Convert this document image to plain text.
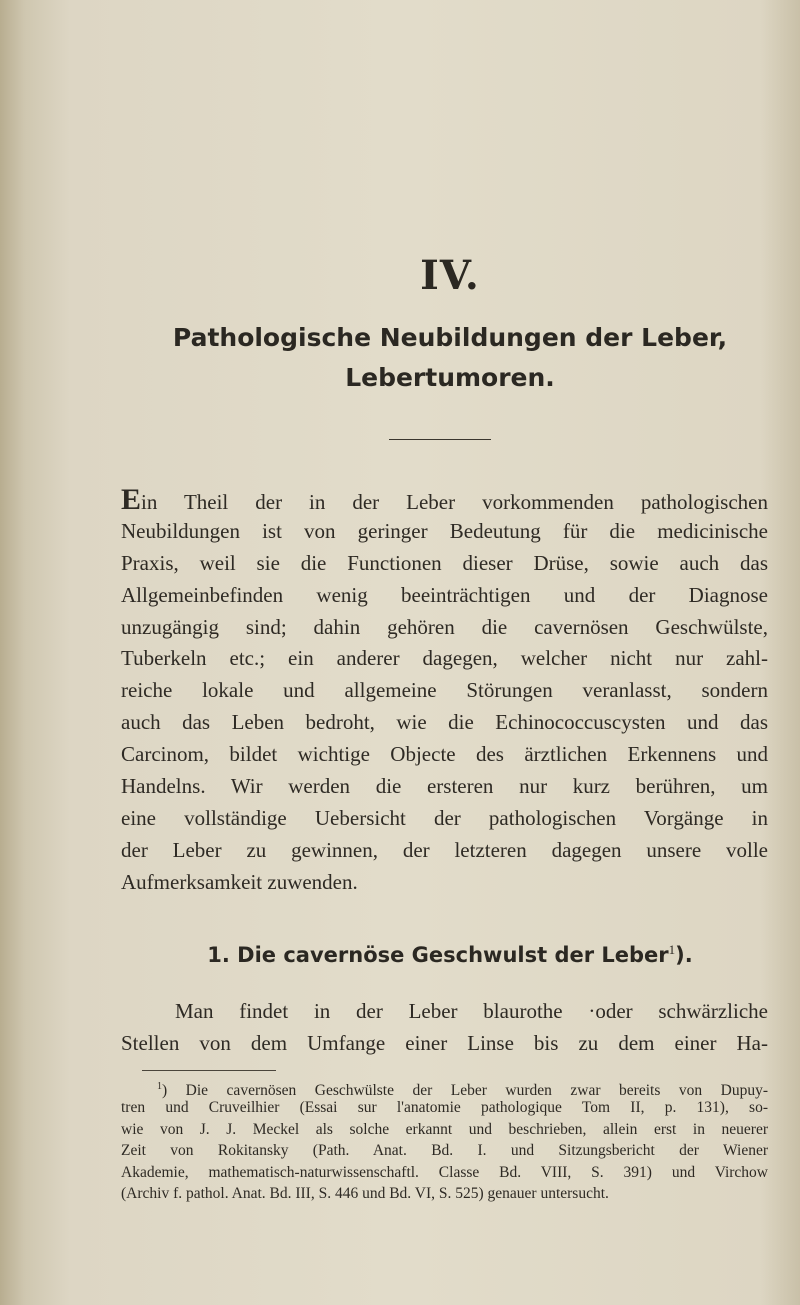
IV.
Pathologische Neubildungen der Leber,
Lebertumoren.
Ein Theil der in der Leber vorkommenden pathologischen
Neubildungen ist von geringer Bedeutung für die medicinische
Praxis, weil sie die Functionen dieser Drüse, sowie auch das
Allgemeinbefinden wenig beeinträchtigen und der Diagnose
unzugängig sind; dahin gehören die cavernösen Geschwülste,
Tuberkeln etc.; ein anderer dagegen, welcher nicht nur zahl-
reiche lokale und allgemeine Störungen veranlasst, sondern
auch das Leben bedroht, wie die Echinococcuscysten und das
Carcinom, bildet wichtige Objecte des ärztlichen Erkennens und
Handelns. Wir werden die ersteren nur kurz berühren, um
eine vollständige Uebersicht der pathologischen Vorgänge in
der Leber zu gewinnen, der letzteren dagegen unsere volle
Aufmerksamkeit zuwenden.
1. Die cavernöse Geschwulst der Leber$^1$).
Man findet in der Leber blaurothe ·oder schwärzliche
Stellen von dem Umfange einer Linse bis zu dem einer Ha-
$^1$) Die cavernösen Geschwülste der Leber wurden zwar bereits von Dupuy-
tren und Cruveilhier (Essai sur l'anatomie pathologique Tom II, p. 131), so-
wie von J. J. Meckel als solche erkannt und beschrieben, allein erst in neuerer
Zeit von Rokitansky (Path. Anat. Bd. I. und Sitzungsbericht der Wiener
Akademie, mathematisch-naturwissenschaftl. Classe Bd. VIII, S. 391) und Virchow
(Archiv f. pathol. Anat. Bd. III, S. 446 und Bd. VI, S. 525) genauer untersucht.
